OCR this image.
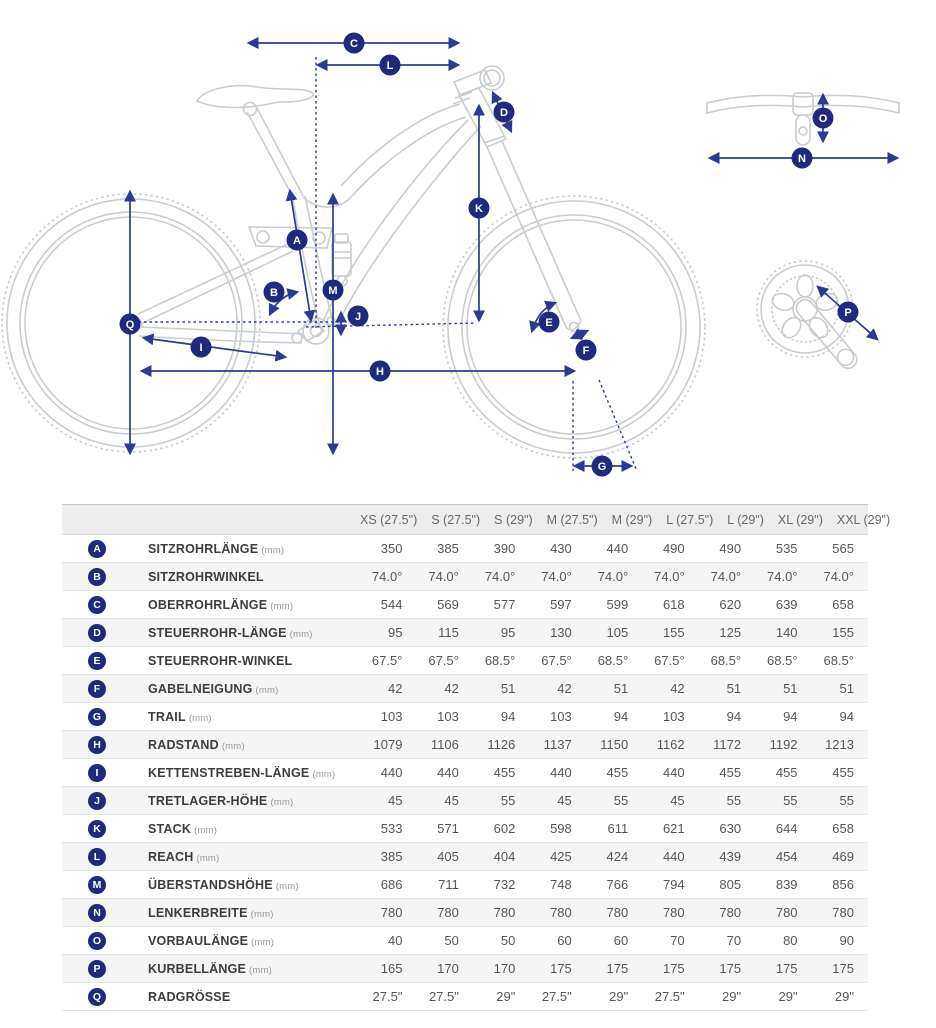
A
B
C
D
E
F
G
H
I
J
K
L
M
N
O
P
Q
XS (27.5")	S (27.5")	S (29")	M (27.5")	M (29")	L (27.5")	L (29")	XL (29")	XXL (29")
A	SITZROHRLÄNGE (mm)	350	385	390	430	440	490	490	535	565
B	SITZROHRWINKEL	74.0°	74.0°	74.0°	74.0°	74.0°	74.0°	74.0°	74.0°	74.0°
C	OBERROHRLÄNGE (mm)	544	569	577	597	599	618	620	639	658
D	STEUERROHR-LÄNGE (mm)	95	115	95	130	105	155	125	140	155
E	STEUERROHR-WINKEL	67.5°	67.5°	68.5°	67.5°	68.5°	67.5°	68.5°	68.5°	68.5°
F	GABELNEIGUNG (mm)	42	42	51	42	51	42	51	51	51
G	TRAIL (mm)	103	103	94	103	94	103	94	94	94
H	RADSTAND (mm)	1079	1106	1126	1137	1150	1162	1172	1192	1213
I	KETTENSTREBEN-LÄNGE (mm)	440	440	455	440	455	440	455	455	455
J	TRETLAGER-HÖHE (mm)	45	45	55	45	55	45	55	55	55
K	STACK (mm)	533	571	602	598	611	621	630	644	658
L	REACH (mm)	385	405	404	425	424	440	439	454	469
M	ÜBERSTANDSHÖHE (mm)	686	711	732	748	766	794	805	839	856
N	LENKERBREITE (mm)	780	780	780	780	780	780	780	780	780
O	VORBAULÄNGE (mm)	40	50	50	60	60	70	70	80	90
P	KURBELLÄNGE (mm)	165	170	170	175	175	175	175	175	175
Q	RADGRÖSSE	27.5"	27.5"	29"	27.5"	29"	27.5"	29"	29"	29"
